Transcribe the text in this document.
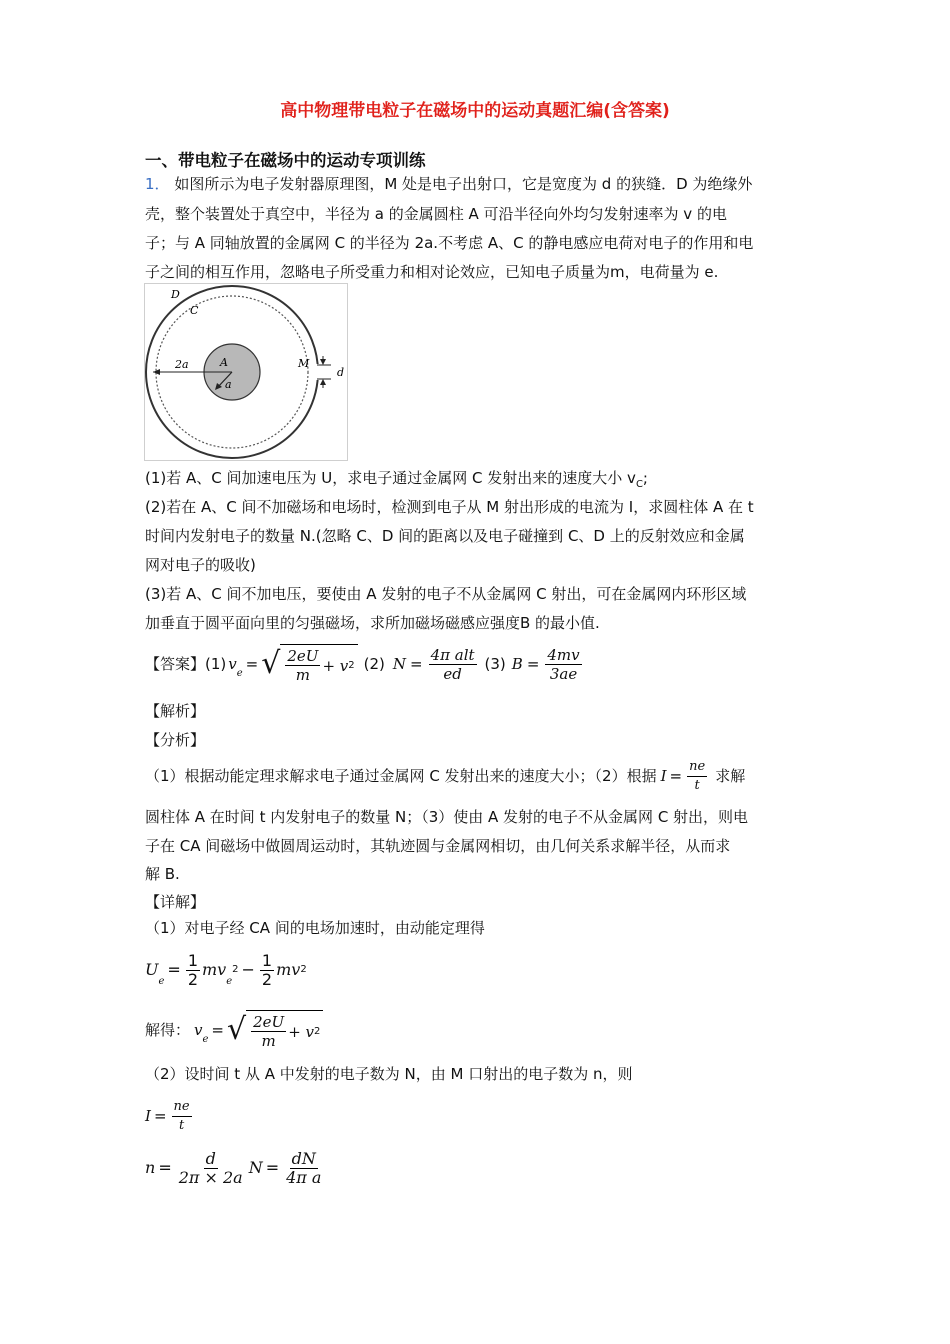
高中物理带电粒子在磁场中的运动真题汇编(含答案)
一、带电粒子在磁场中的运动专项训练
1． 如图所示为电子发射器原理图，M 处是电子出射口，它是宽度为 d 的狭缝．D 为绝缘外
壳，整个装置处于真空中，半径为 a 的金属圆柱 A 可沿半径向外均匀发射速率为 v 的电
子；与 A 同轴放置的金属网 C 的半径为 2a.不考虑 A、C 的静电感应电荷对电子的作用和电
子之间的相互作用，忽略电子所受重力和相对论效应，已知电子质量为m，电荷量为 e.
D
C
A
a
2a	M
d
(1)若 A、C 间加速电压为 U，求电子通过金属网 C 发射出来的速度大小 $v_C$;
(2)若在 A、C 间不加磁场和电场时，检测到电子从 M 射出形成的电流为 I，求圆柱体 A 在 t
时间内发射电子的数量 N.(忽略 C、D 间的距离以及电子碰撞到 C、D 上的反射效应和金属
网对电子的吸收)
(3)若 A、C 间不加电压，要使由 A 发射的电子不从金属网 C 射出，可在金属网内环形区域
加垂直于圆平面向里的匀强磁场，求所加磁场磁感应强度B 的最小值.
【答案】 (1) v
$_e$
= √ $\frac{2eU}{m} + v$ 2 (2) $N = \frac{\text{4π alt}}{ed} (3) B = \frac{4mv}{3ae}$
【解析】
【分析】
（1）根据动能定理求解求电子通过金属网 C 发射出来的速度大小；（2）根据 $I = \frac{ne}{t}$ 求解
圆柱体 A 在时间 t 内发射电子的数量 N；（3）使由 A 发射的电子不从金属网 C 射出，则电
子在 CA 间磁场中做圆周运动时，其轨迹圆与金属网相切，由几何关系求解半径，从而求
解 B.
【详解】
（1）对电子经 CA 间的电场加速时，由动能定理得
U
$_e$
= $\frac{1}{2}$ mv
$_e$
$^2 - \frac{1}{2}$ mv 2
解得： v
$_e$
= √ $\frac{2eU}{m} + v$ 2
（2）设时间 t 从 A 中发射的电子数为 N，由 M 口射出的电子数为 n，则
$I = \frac{ne}{t}$
$n = \frac{d}{2\pi \times 2a}$ $N = \frac{dN}{\text{4π a}}$
